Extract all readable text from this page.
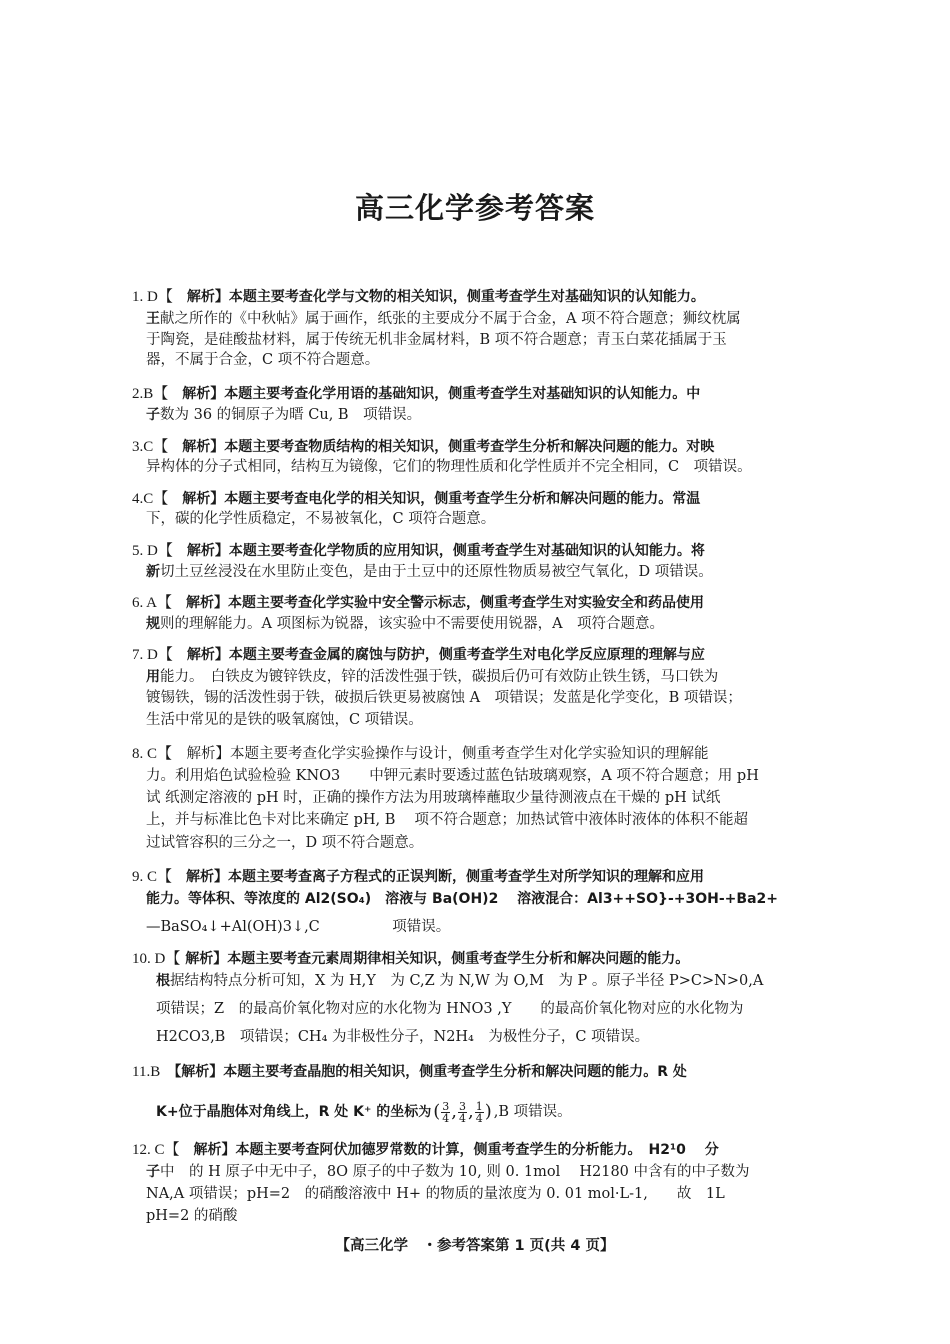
高三化学参考答案
1. D【　解析】本题主要考查化学与文物的相关知识，侧重考查学生对基础知识的认知能力。
王献之所作的《中秋帖》属于画作，纸张的主要成分不属于合金，A 项不符合题意；狮纹枕属
于陶瓷，是硅酸盐材料，属于传统无机非金属材料，B 项不符合题意；青玉白菜花插属于玉
器，不属于合金，C 项不符合题意。
2.B【　解析】本题主要考查化学用语的基础知识，侧重考查学生对基础知识的认知能力。中
子数为 36 的铜原子为㬐 Cu, B　项错误。
3.C【　解析】本题主要考查物质结构的相关知识，侧重考查学生分析和解决问题的能力。对映
异构体的分子式相同，结构互为镜像，它们的物理性质和化学性质并不完全相同，C　项错误。
4.C【　解析】本题主要考查电化学的相关知识，侧重考查学生分析和解决问题的能力。常温
下，碳的化学性质稳定，不易被氧化，C 项符合题意。
5. D【　解析】本题主要考查化学物质的应用知识，侧重考查学生对基础知识的认知能力。将
新切土豆丝浸没在水里防止变色，是由于土豆中的还原性物质易被空气氧化，D 项错误。
6. A【　解析】本题主要考查化学实验中安全警示标志，侧重考查学生对实验安全和药品使用
规则的理解能力。A 项图标为锐器，该实验中不需要使用锐器，A　项符合题意。
7. D【　解析】本题主要考查金属的腐蚀与防护，侧重考查学生对电化学反应原理的理解与应
用能力。　白铁皮为镀锌铁皮，锌的活泼性强于铁，碳损后仍可有效防止铁生锈，马口铁为
镀锡铁，锡的活泼性弱于铁，破损后铁更易被腐蚀 A　项错误；发蓝是化学变化，B 项错误；
生活中常见的是铁的吸氧腐蚀，C 项错误。
8. C【　解析】本题主要考查化学实验操作与设计，侧重考查学生对化学实验知识的理解能
力。利用焰色试验检验 KNO3　　中钾元素时要透过蓝色钴玻璃观察，A 项不符合题意；用 pH
试 纸测定溶液的 pH 时，正确的操作方法为用玻璃棒蘸取少量待测液点在干燥的 pH 试纸
上，并与标准比色卡对比来确定 pH, B　 项不符合题意；加热试管中液体时液体的体积不能超
过试管容积的三分之一，D 项不符合题意。
9. C【　解析】本题主要考查离子方程式的正误判断，侧重考查学生对所学知识的理解和应用
能力。等体积、等浓度的 Al2(SO₄)　溶液与 Ba(OH)2　 溶液混合：Al3++SO}-+3OH-+Ba2+
—BaSO₄↓+Al(OH)3↓,C　　　　　项错误。
10. D【 解析】本题主要考查元素周期律相关知识，侧重考查学生分析和解决问题的能力。
根据结构特点分析可知，X 为 H,Y　为 C,Z 为 N,W 为 O,M　为 P 。原子半径 P>C>N>0,A
项错误；Z　的最高价氧化物对应的水化物为 HNO3 ,Y　　的最高价氧化物对应的水化物为
H2CO3,B　项错误；CH₄ 为非极性分子，N2H₄　为极性分子，C 项错误。
11.B　【解析】本题主要考查晶胞的相关知识，侧重考查学生分析和解决问题的能力。R 处
K+位于晶胞体对角线上，R 处 K⁺ 的坐标为 ( $\frac{3}{4}$ , $\frac{3}{4}$ , $\frac{1}{4}$ ) ,B 项错误。
12. C【　解析】本题主要考查阿伏加德罗常数的计算，侧重考查学生的分析能力。　H2¹0　 分
子中　的 H 原子中无中子，8O 原子的中子数为 10, 则 0. 1mol　 H2180 中含有的中子数为
NA,A 项错误；pH=2　的硝酸溶液中 H+ 的物质的量浓度为 0. 01 mol·L-1,　　故　1L
pH=2 的硝酸
【高三化学　・参考答案第 1 页(共 4 页】
